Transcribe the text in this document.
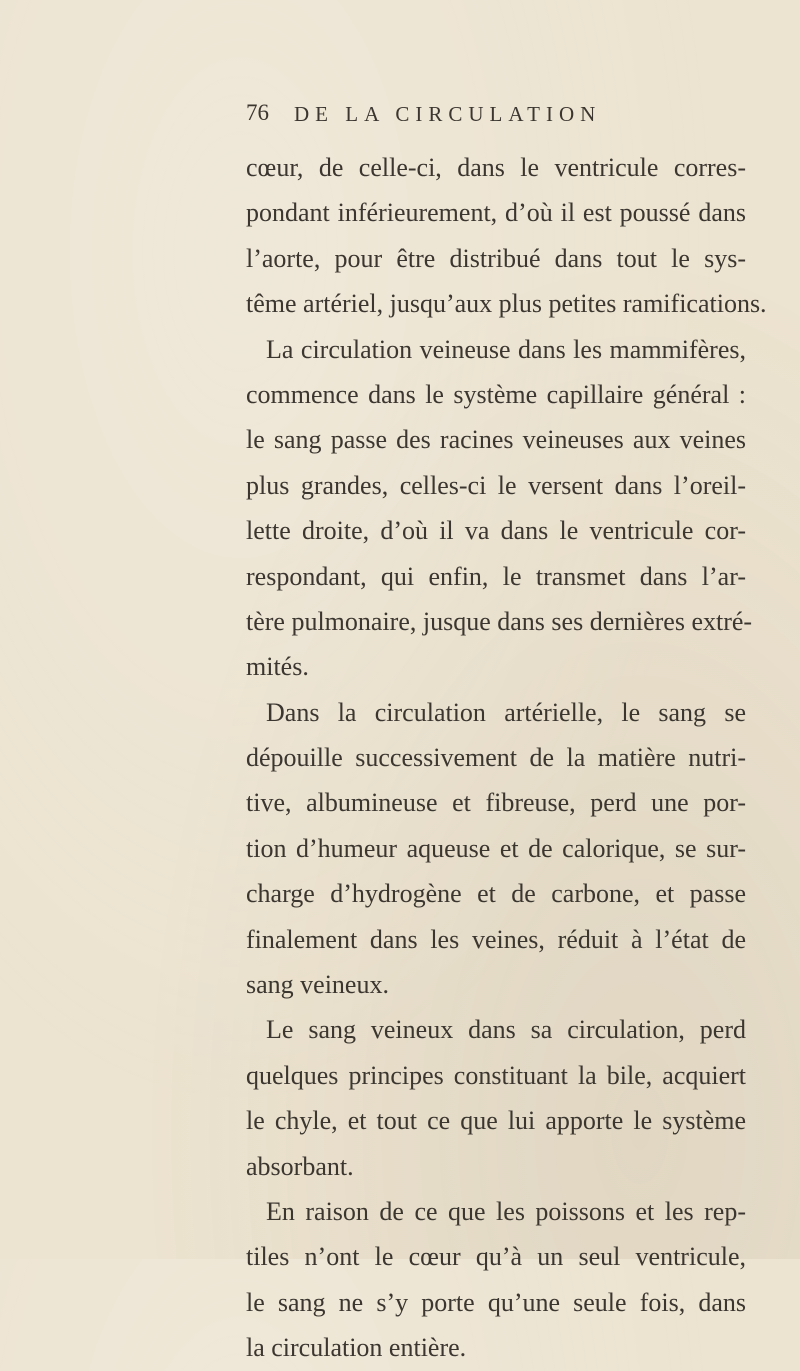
76 DE LA CIRCULATION
cœur, de celle-ci, dans le ventricule corres-
pondant inférieurement, d’où il est poussé dans
l’aorte, pour être distribué dans tout le sys-
tême artériel, jusqu’aux plus petites ramifications.
La circulation veineuse dans les mammifères,
commence dans le système capillaire général :
le sang passe des racines veineuses aux veines
plus grandes, celles-ci le versent dans l’oreil-
lette droite, d’où il va dans le ventricule cor-
respondant, qui enfin, le transmet dans l’ar-
tère pulmonaire, jusque dans ses dernières extré-
mités.
Dans la circulation artérielle, le sang se
dépouille successivement de la matière nutri-
tive, albumineuse et fibreuse, perd une por-
tion d’humeur aqueuse et de calorique, se sur-
charge d’hydrogène et de carbone, et passe
finalement dans les veines, réduit à l’état de
sang veineux.
Le sang veineux dans sa circulation, perd
quelques principes constituant la bile, acquiert
le chyle, et tout ce que lui apporte le système
absorbant.
En raison de ce que les poissons et les rep-
tiles n’ont le cœur qu’à un seul ventricule,
le sang ne s’y porte qu’une seule fois, dans
la circulation entière.
